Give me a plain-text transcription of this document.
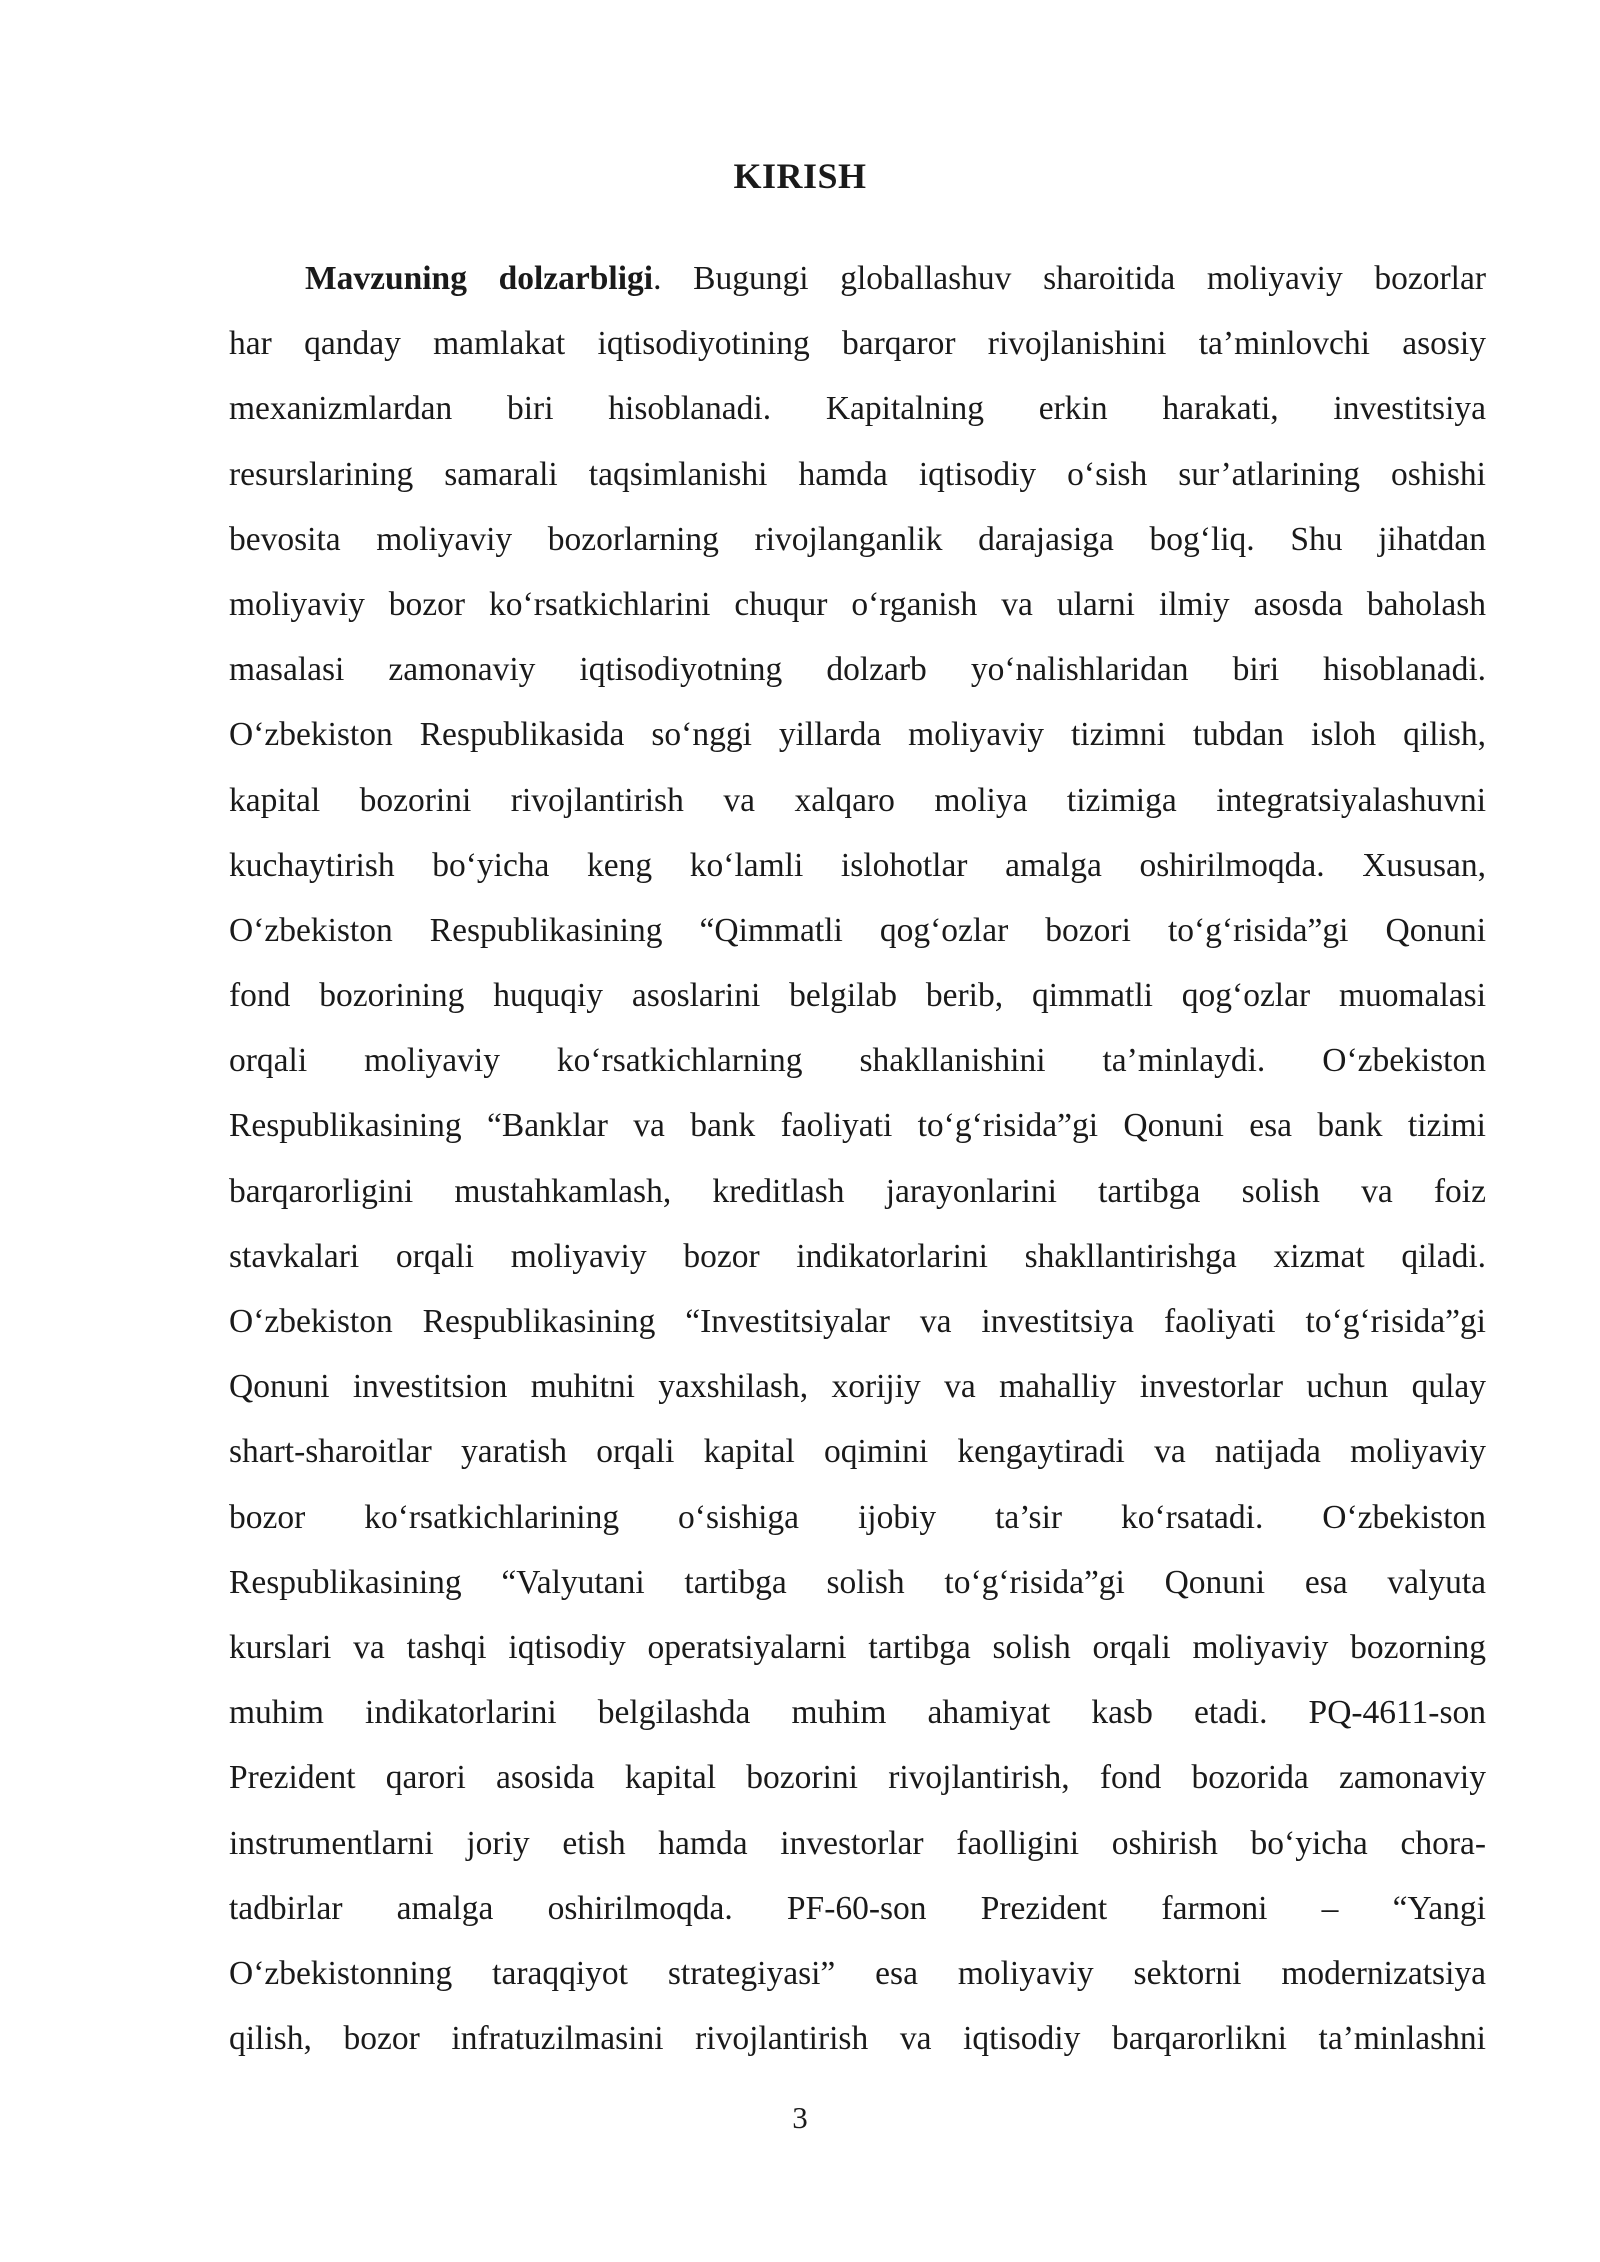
KIRISH
Mavzuning dolzarbligi. Bugungi globallashuv sharoitida moliyaviy bozorlar
har qanday mamlakat iqtisodiyotining barqaror rivojlanishini ta’minlovchi asosiy
mexanizmlardan biri hisoblanadi. Kapitalning erkin harakati, investitsiya
resurslarining samarali taqsimlanishi hamda iqtisodiy o‘sish sur’atlarining oshishi
bevosita moliyaviy bozorlarning rivojlanganlik darajasiga bog‘liq. Shu jihatdan
moliyaviy bozor ko‘rsatkichlarini chuqur o‘rganish va ularni ilmiy asosda baholash
masalasi zamonaviy iqtisodiyotning dolzarb yo‘nalishlaridan biri hisoblanadi.
O‘zbekiston Respublikasida so‘nggi yillarda moliyaviy tizimni tubdan isloh qilish,
kapital bozorini rivojlantirish va xalqaro moliya tizimiga integratsiyalashuvni
kuchaytirish bo‘yicha keng ko‘lamli islohotlar amalga oshirilmoqda. Xususan,
O‘zbekiston Respublikasining “Qimmatli qog‘ozlar bozori to‘g‘risida”gi Qonuni
fond bozorining huquqiy asoslarini belgilab berib, qimmatli qog‘ozlar muomalasi
orqali moliyaviy ko‘rsatkichlarning shakllanishini ta’minlaydi. O‘zbekiston
Respublikasining “Banklar va bank faoliyati to‘g‘risida”gi Qonuni esa bank tizimi
barqarorligini mustahkamlash, kreditlash jarayonlarini tartibga solish va foiz
stavkalari orqali moliyaviy bozor indikatorlarini shakllantirishga xizmat qiladi.
O‘zbekiston Respublikasining “Investitsiyalar va investitsiya faoliyati to‘g‘risida”gi
Qonuni investitsion muhitni yaxshilash, xorijiy va mahalliy investorlar uchun qulay
shart-sharoitlar yaratish orqali kapital oqimini kengaytiradi va natijada moliyaviy
bozor ko‘rsatkichlarining o‘sishiga ijobiy ta’sir ko‘rsatadi. O‘zbekiston
Respublikasining “Valyutani tartibga solish to‘g‘risida”gi Qonuni esa valyuta
kurslari va tashqi iqtisodiy operatsiyalarni tartibga solish orqali moliyaviy bozorning
muhim indikatorlarini belgilashda muhim ahamiyat kasb etadi. PQ-4611-son
Prezident qarori asosida kapital bozorini rivojlantirish, fond bozorida zamonaviy
instrumentlarni joriy etish hamda investorlar faolligini oshirish bo‘yicha chora-
tadbirlar amalga oshirilmoqda. PF-60-son Prezident farmoni – “Yangi
O‘zbekistonning taraqqiyot strategiyasi” esa moliyaviy sektorni modernizatsiya
qilish, bozor infratuzilmasini rivojlantirish va iqtisodiy barqarorlikni ta’minlashni
3
